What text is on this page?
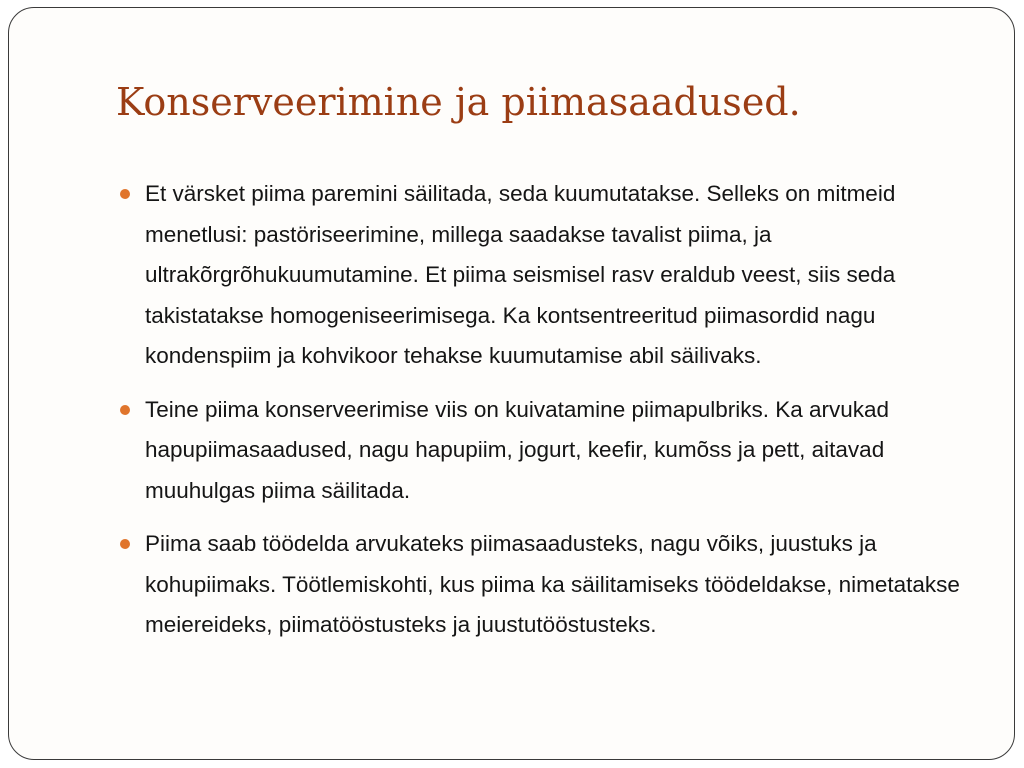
Konserveerimine ja piimasaadused.
Et värsket piima paremini säilitada, seda kuumutatakse. Selleks on mitmeid menetlusi: pastöriseerimine, millega saadakse tavalist piima, ja ultrakõrgrõhukuumutamine. Et piima seismisel rasv eraldub veest, siis seda takistatakse homogeniseerimisega. Ka kontsentreeritud piimasordid nagu kondenspiim ja kohvikoor tehakse kuumutamise abil säilivaks.
Teine piima konserveerimise viis on kuivatamine piimapulbriks. Ka arvukad hapupiimasaadused, nagu hapupiim, jogurt, keefir, kumõss ja pett, aitavad muuhulgas piima säilitada.
Piima saab töödelda arvukateks piimasaadusteks, nagu võiks, juustuks ja kohupiimaks. Töötlemiskohti, kus piima ka säilitamiseks töödeldakse, nimetatakse meiereideks, piimatööstusteks ja juustutööstusteks.
